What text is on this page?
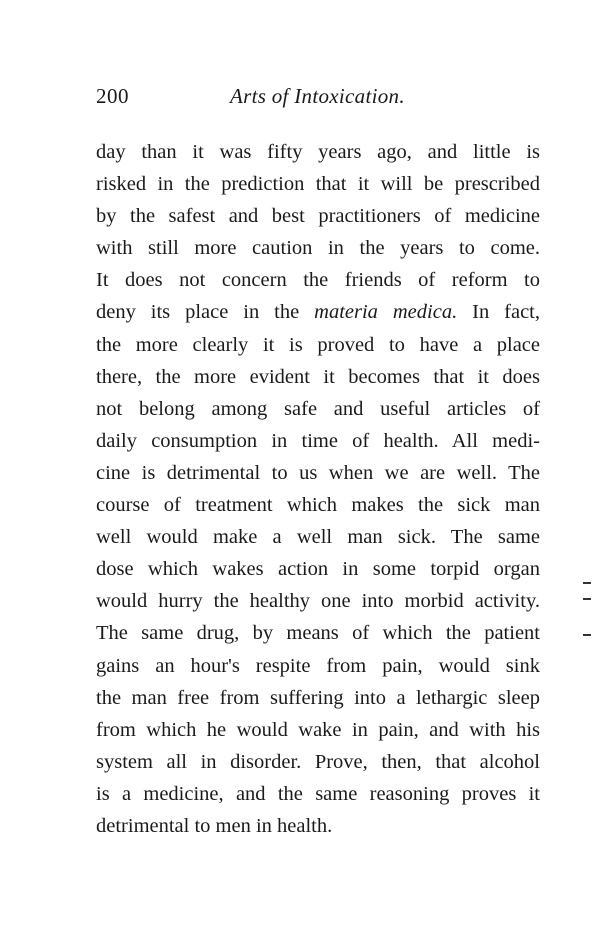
200	Arts of Intoxication.
day than it was fifty years ago, and little is
risked in the prediction that it will be prescribed
by the safest and best practitioners of medicine
with still more caution in the years to come.
It does not concern the friends of reform to
deny its place in the materia medica. In fact,
the more clearly it is proved to have a place
there, the more evident it becomes that it does
not belong among safe and useful articles of
daily consumption in time of health. All medi-
cine is detrimental to us when we are well. The
course of treatment which makes the sick man
well would make a well man sick. The same
dose which wakes action in some torpid organ
would hurry the healthy one into morbid activity.
The same drug, by means of which the patient
gains an hour's respite from pain, would sink
the man free from suffering into a lethargic sleep
from which he would wake in pain, and with his
system all in disorder. Prove, then, that alcohol
is a medicine, and the same reasoning proves it
detrimental to men in health.
